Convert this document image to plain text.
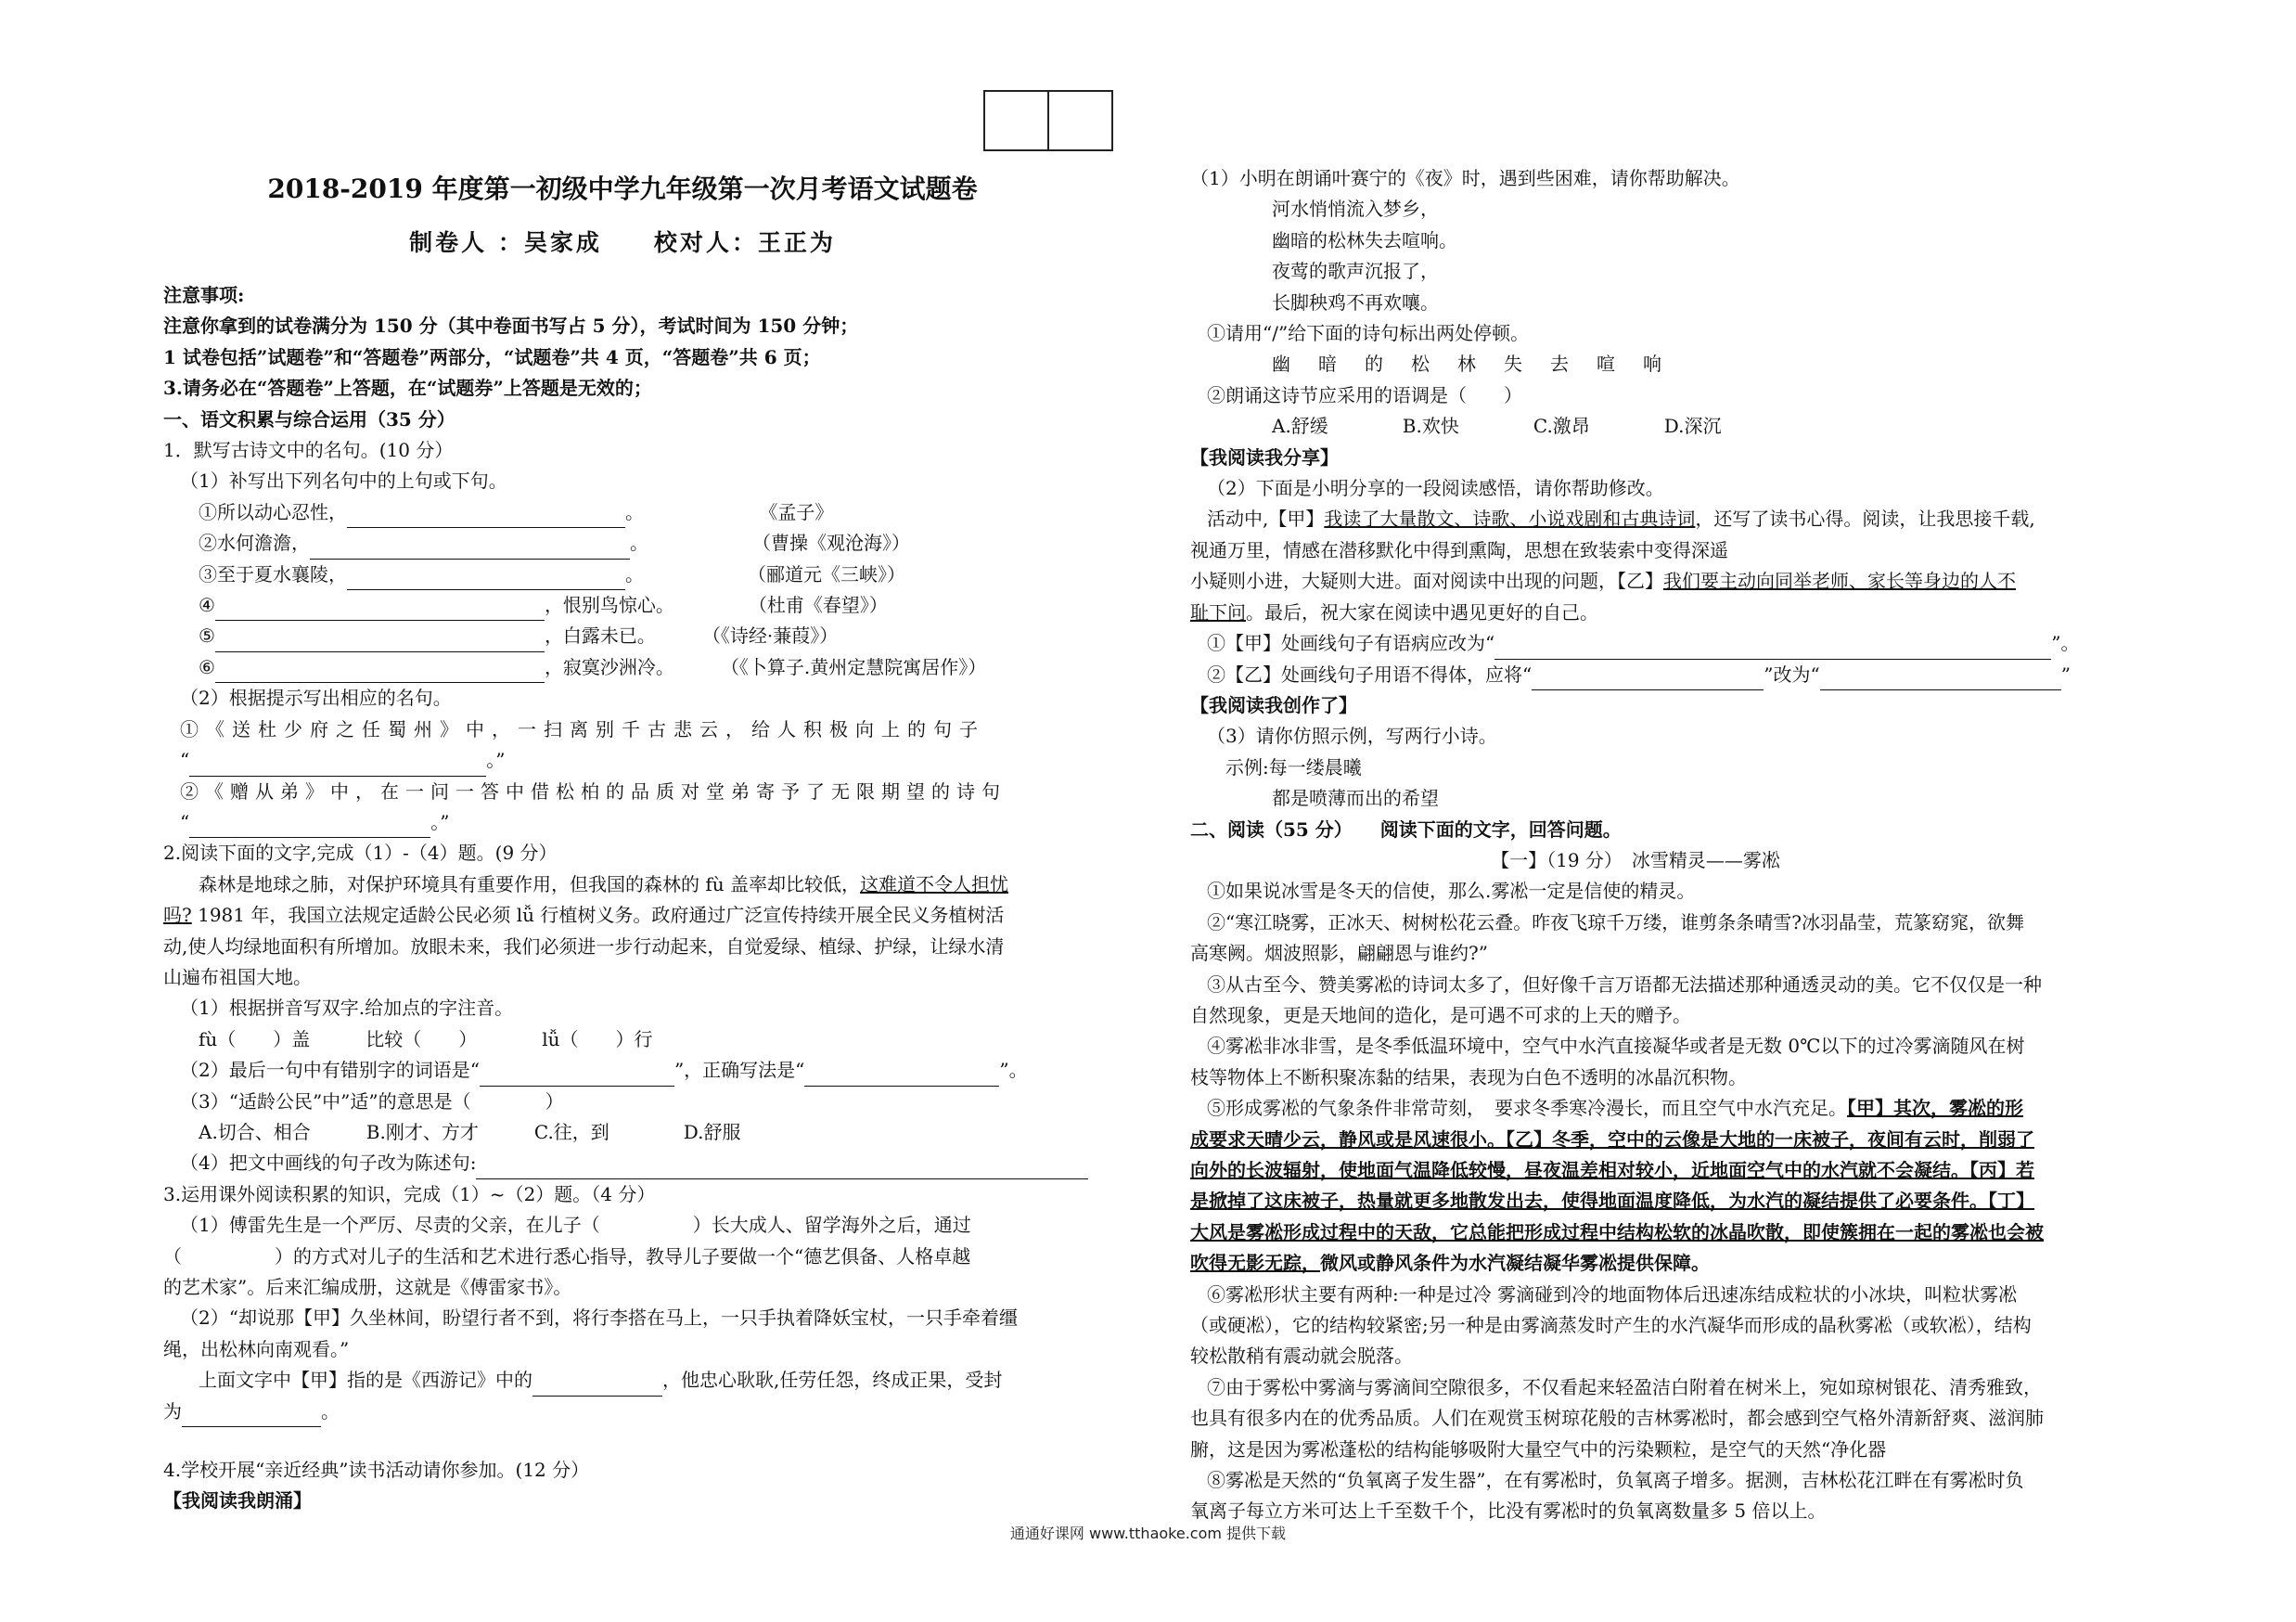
2018-2019 年度第一初级中学九年级第一次月考语文试题卷
制卷人 ：吴家成　　校对人：王正为
注意事项:
注意你拿到的试卷满分为 150 分（其中卷面书写占 5 分），考试时间为 150 分钟；
1 试卷包括”试题卷”和“答题卷”两部分，“试题卷”共 4 页，“答题卷”共 6 页；
3.请务必在“答题卷”上答题，在“试题券”上答题是无效的；
一、语文积累与综合运用（35 分）
1．默写古诗文中的名句。(10 分）
（1）补写出下列名句中的上句或下句。
①所以动心忍性，	。	《孟子》
②水何澹澹，	。	（曹操《观沧海》）
③至于夏水襄陵，	。	（郦道元《三峡》）
④	，恨别鸟惊心。	（杜甫《春望》）
⑤	，白露未已。	（《诗经·蒹葭》）
⑥	，寂寞沙洲冷。	（《卜算子.黄州定慧院寓居作》）
（2）根据提示写出相应的名句。
①《送杜少府之任蜀州》中，一扫离别千古悲云，给人积极向上的句子
“	。”
②《赠从弟》中，在一问一答中借松柏的品质对堂弟寄予了无限期望的诗句
“	。”
2.阅读下面的文字,完成（1）-（4）题。(9 分）
森林是地球之肺，对保护环境具有重要作用，但我国的森林的 fù 盖率却比较低，这难道不令人担忧
吗? 1981 年，我国立法规定适龄公民必须 lǚ 行植树义务。政府通过广泛宣传持续开展全民义务植树活
动,使人均绿地面积有所增加。放眼未来，我们必须进一步行动起来，自觉爱绿、植绿、护绿，让绿水清
山遍布祖国大地。
（1）根据拼音写双字.给加点的字注音。
fù（　　）盖　　　比较（　　）　　　　lǚ（　　）行
（2）最后一句中有错别字的词语是“	”，正确写法是“	”。
（3）“适龄公民”中”适”的意思是（　　　　）
A.切合、相合　　　B.刚才、方才　　　C.往，到　　　　D.舒服
（4）把文中画线的句子改为陈述句:
3.运用课外阅读积累的知识，完成（1）~（2）题。（4 分）
（1）傅雷先生是一个严厉、尽责的父亲，在儿子（　　　　　）长大成人、留学海外之后，通过
（　　　　　）的方式对儿子的生活和艺术进行悉心指导，教导儿子要做一个“德艺俱备、人格卓越
的艺术家”。后来汇编成册，这就是《傅雷家书》。
（2）“却说那【甲】久坐林间，盼望行者不到，将行李搭在马上，一只手执着降妖宝杖，一只手牵着缰
绳，出松林向南观看。”
上面文字中【甲】指的是《西游记》中的	，他忠心耿耿,任劳任怨，终成正果，受封
为	。
4.学校开展“亲近经典”读书活动请你参加。(12 分）
【我阅读我朗涌】
（1）小明在朗诵叶赛宁的《夜》时，遇到些困难，请你帮助解决。
河水悄悄流入梦乡，
幽暗的松林失去喧响。
夜莺的歌声沉报了，
长脚秧鸡不再欢嚷。
①请用“/”给下面的诗句标出两处停顿。
幽暗的松林失去喧响
②朗诵这诗节应采用的语调是（　　）
A.舒缓　　　　B.欢快　　　　C.激昂　　　　D.深沉
【我阅读我分享】
（2）下面是小明分享的一段阅读感悟，请你帮助修改。
活动中,【甲】我读了大量散文、诗歌、小说戏剧和古典诗词，还写了读书心得。阅读，让我思接千载,
视通万里，情感在潜移默化中得到熏陶，思想在致装索中变得深遥
小疑则小进，大疑则大进。面对阅读中出现的问题，【乙】我们要主动向同举老师、家长等身边的人不
耻下问。最后，祝大家在阅读中遇见更好的自己。
①【甲】处画线句子有语病应改为“	”。
②【乙】处画线句子用语不得体，应将“	”改为“	”
【我阅读我创作了】
（3）请你仿照示例，写两行小诗。
示例:每一缕晨曦
都是喷薄而出的希望
二、阅读（55 分）　　 阅读下面的文字，回答问题。
【一】（19 分）　冰雪精灵——雾凇
①如果说冰雪是冬天的信使，那么.雾凇一定是信使的精灵。
②“寒江晓雾，正冰天、树树松花云叠。昨夜飞琼千万缕，谁剪条条晴雪?冰羽晶莹，荒篆窈窕，欲舞
高寒阙。烟波照影，翩翩恩与谁约?”
③从古至今、赞美雾凇的诗词太多了，但好像千言万语都无法描述那种通透灵动的美。它不仅仅是一种
自然现象，更是天地间的造化，是可遇不可求的上天的赠予。
④雾凇非冰非雪，是冬季低温环境中，空气中水汽直接凝华或者是无数 0℃以下的过冷雾滴随风在树
枝等物体上不断积聚冻黏的结果，表现为白色不透明的冰晶沉积物。
⑤形成雾凇的气象条件非常苛刻，　要求冬季寒冷漫长，而且空气中水汽充足。【甲】其次，雾凇的形
成要求天晴少云，静风或是风速很小。【乙】冬季，空中的云像是大地的一床被子，夜间有云时，削弱了
向外的长波辐射，使地面气温降低较慢，昼夜温差相对较小，近地面空气中的水汽就不会凝结。【丙】若
是掀掉了这床被子，热量就更多地散发出去，使得地面温度降低，为水汽的凝结提供了必要条件。【丁】
大风是雾凇形成过程中的天敌，它总能把形成过程中结构松软的冰晶吹散，即使簇拥在一起的雾凇也会被
吹得无影无踪，微风或静风条件为水汽凝结凝华雾凇提供保障。
⑥雾凇形状主要有两种:一种是过冷 雾滴碰到冷的地面物体后迅速冻结成粒状的小冰块，叫粒状雾凇
（或硬凇），它的结构较紧密;另一种是由雾滴蒸发时产生的水汽凝华而形成的晶秋雾凇（或软凇），结构
较松散稍有震动就会脱落。
⑦由于雾松中雾滴与雾滴间空隙很多，不仅看起来轻盈洁白附着在树米上，宛如琼树银花、清秀雅致，
也具有很多内在的优秀品质。人们在观赏玉树琼花般的吉林雾凇时，都会感到空气格外清新舒爽、滋润肺
腑，这是因为雾凇蓬松的结构能够吸附大量空气中的污染颗粒，是空气的天然“净化器
⑧雾凇是天然的“负氧离子发生器”，在有雾凇时，负氧离子增多。据测，吉林松花江畔在有雾凇时负
氧离子每立方米可达上千至数千个，比没有雾凇时的负氧离数量多 5 倍以上。
通通好课网 www.tthaoke.com 提供下载
